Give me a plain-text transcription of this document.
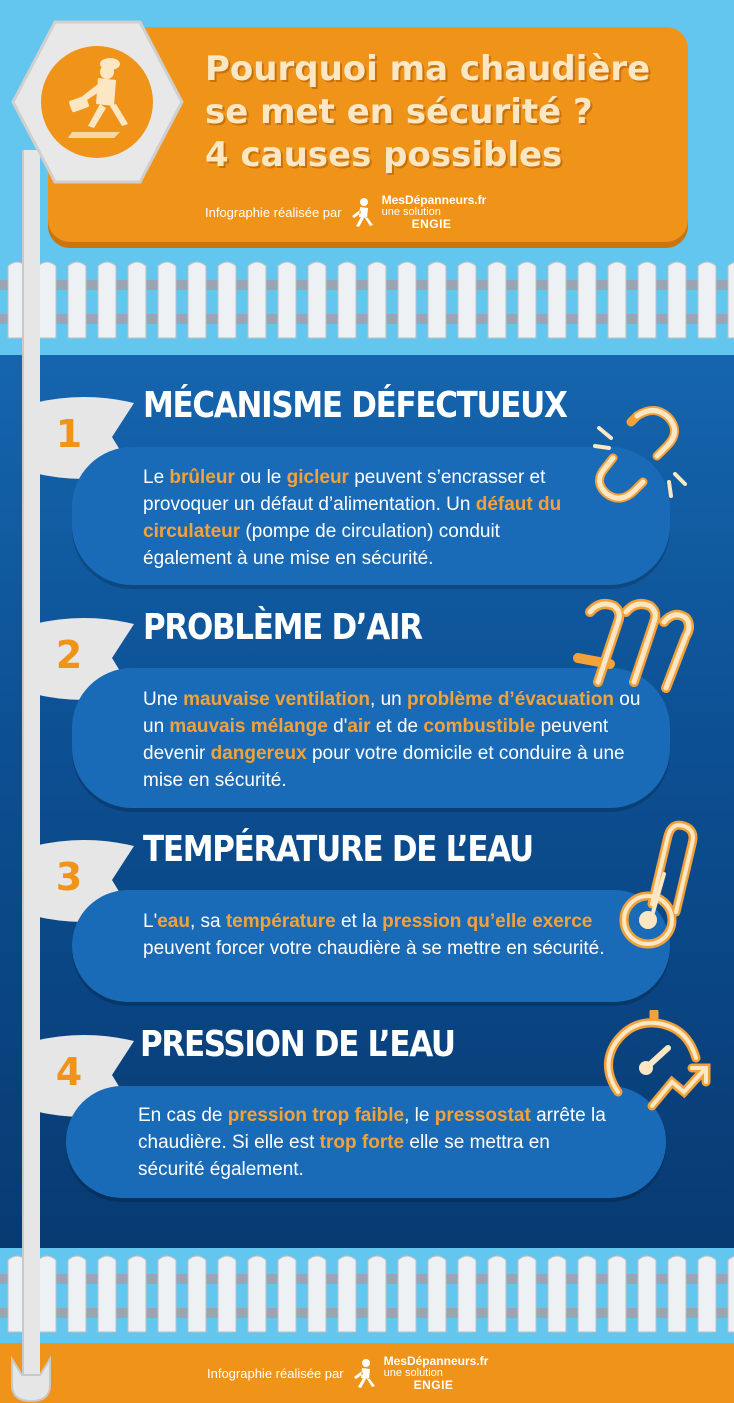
Pourquoi ma chaudière
se met en sécurité ?
4 causes possibles
Infographie réalisée par
MesDépanneurs.fr
une solution
ENGIE
1
MÉCANISME DÉFECTUEUX
Le brûleur ou le gicleur peuvent s’encrasser et provoquer un défaut d’alimentation. Un défaut du circulateur (pompe de circulation) conduit également à une mise en sécurité.
2
PROBLÈME D’AIR
Une mauvaise ventilation, un problème d’évacuation ou un mauvais mélange d'air et de combustible peuvent devenir dangereux pour votre domicile et conduire à une mise en sécurité.
3
TEMPÉRATURE DE L’EAU
L'eau, sa température et la pression qu’elle exerce peuvent forcer votre chaudière à se mettre en sécurité.
4
PRESSION DE L’EAU
En cas de pression trop faible, le pressostat arrête la chaudière. Si elle est trop forte elle se mettra en sécurité également.
Infographie réalisée par
MesDépanneurs.fr
une solution
ENGIE
